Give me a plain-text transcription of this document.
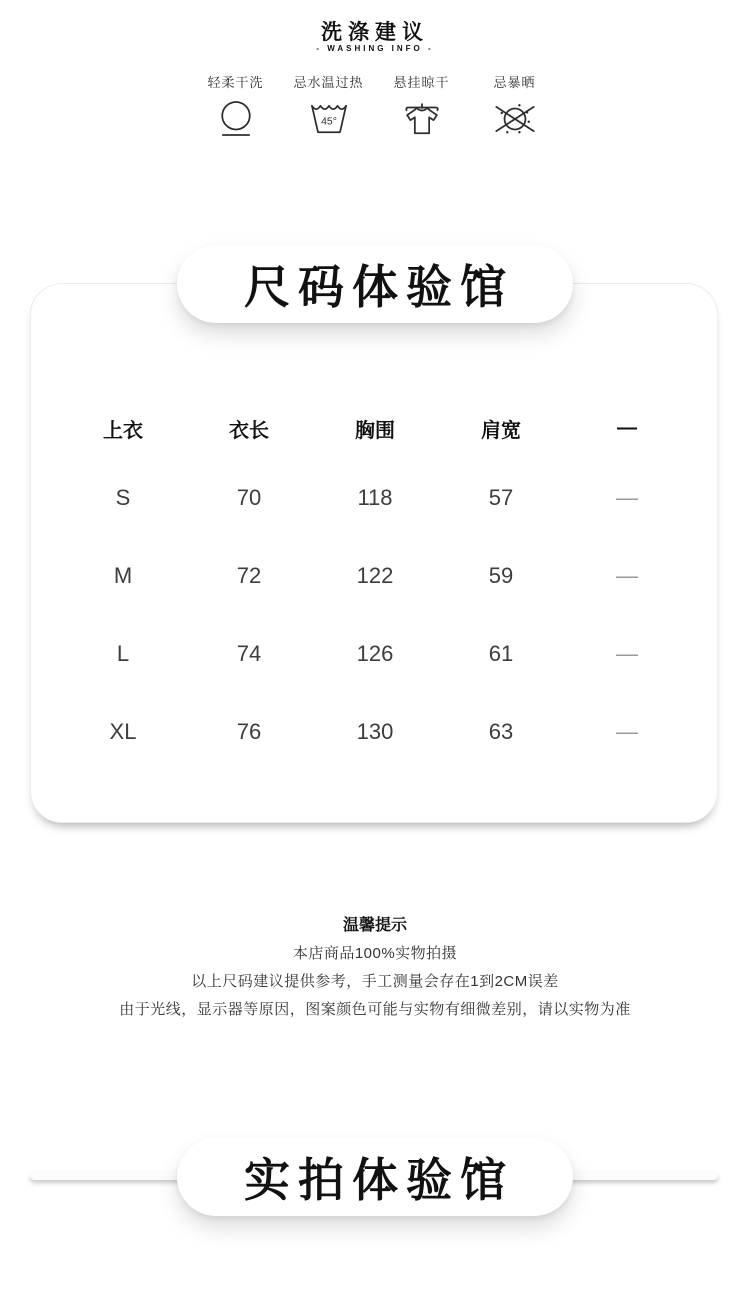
洗涤建议
- WASHING INFO -
轻柔干洗 忌水温过热
45°
悬挂晾干	忌暴晒
尺码体验馆
上衣	衣长	胸围	肩宽	—
S	70	118	57	—
M	72	122	59	—
L	74	126	61	—
XL	76	130	63	—
温馨提示
本店商品100%实物拍摄
以上尺码建议提供参考，手工测量会存在1到2CM误差
由于光线，显示器等原因，图案颜色可能与实物有细微差别，请以实物为准
实拍体验馆
